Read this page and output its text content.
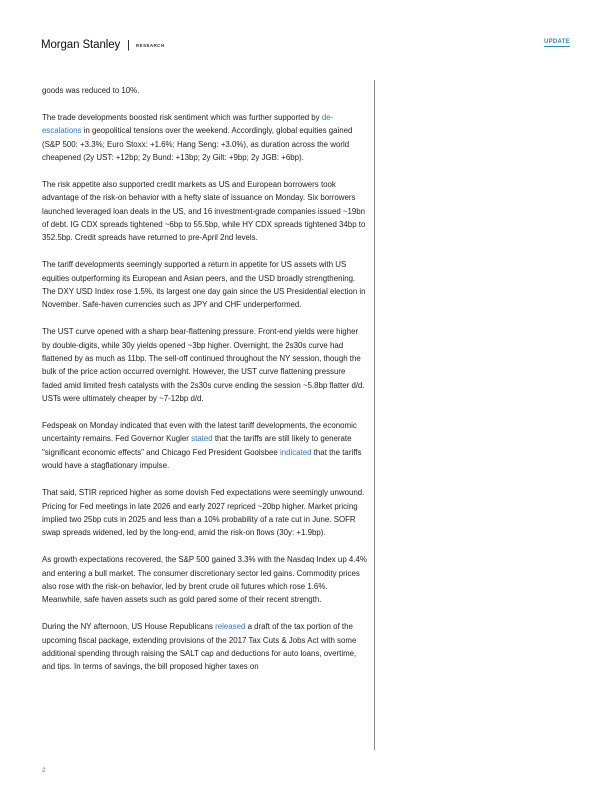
Morgan Stanley | RESEARCH	UPDATE

goods was reduced to 10%.

The trade developments boosted risk sentiment which was further supported by de-escalations in geopolitical tensions over the weekend. Accordingly, global equities gained (S&P 500: +3.3%; Euro Stoxx: +1.6%; Hang Seng: +3.0%), as duration across the world cheapened (2y UST: +12bp; 2y Bund: +13bp; 2y Gilt: +9bp; 2y JGB: +6bp).

The risk appetite also supported credit markets as US and European borrowers took advantage of the risk-on behavior with a hefty slate of issuance on Monday. Six borrowers launched leveraged loan deals in the US, and 16 investment-grade companies issued ~19bn of debt. IG CDX spreads tightened ~6bp to 55.5bp, while HY CDX spreads tightened 34bp to 352.5bp. Credit spreads have returned to pre-April 2nd levels.

The tariff developments seemingly supported a return in appetite for US assets with US equities outperforming its European and Asian peers, and the USD broadly strengthening. The DXY USD Index rose 1.5%, its largest one day gain since the US Presidential election in November. Safe-haven currencies such as JPY and CHF underperformed.

The UST curve opened with a sharp bear-flattening pressure. Front-end yields were higher by double-digits, while 30y yields opened ~3bp higher. Overnight, the 2s30s curve had flattened by as much as 11bp. The sell-off continued throughout the NY session, though the bulk of the price action occurred overnight. However, the UST curve flattening pressure faded amid limited fresh catalysts with the 2s30s curve ending the session ~5.8bp flatter d/d. USTs were ultimately cheaper by ~7-12bp d/d.

Fedspeak on Monday indicated that even with the latest tariff developments, the economic uncertainty remains. Fed Governor Kugler stated that the tariffs are still likely to generate "significant economic effects" and Chicago Fed President Goolsbee indicated that the tariffs would have a stagflationary impulse.

That said, STIR repriced higher as some dovish Fed expectations were seemingly unwound. Pricing for Fed meetings in late 2026 and early 2027 repriced ~20bp higher. Market pricing implied two 25bp cuts in 2025 and less than a 10% probability of a rate cut in June. SOFR swap spreads widened, led by the long-end, amid the risk-on flows (30y: +1.9bp).

As growth expectations recovered, the S&P 500 gained 3.3% with the Nasdaq Index up 4.4% and entering a bull market. The consumer discretionary sector led gains. Commodity prices also rose with the risk-on behavior, led by brent crude oil futures which rose 1.6%. Meanwhile, safe haven assets such as gold pared some of their recent strength.

During the NY afternoon, US House Republicans released a draft of the tax portion of the upcoming fiscal package, extending provisions of the 2017 Tax Cuts & Jobs Act with some additional spending through raising the SALT cap and deductions for auto loans, overtime, and tips. In terms of savings, the bill proposed higher taxes on

2
